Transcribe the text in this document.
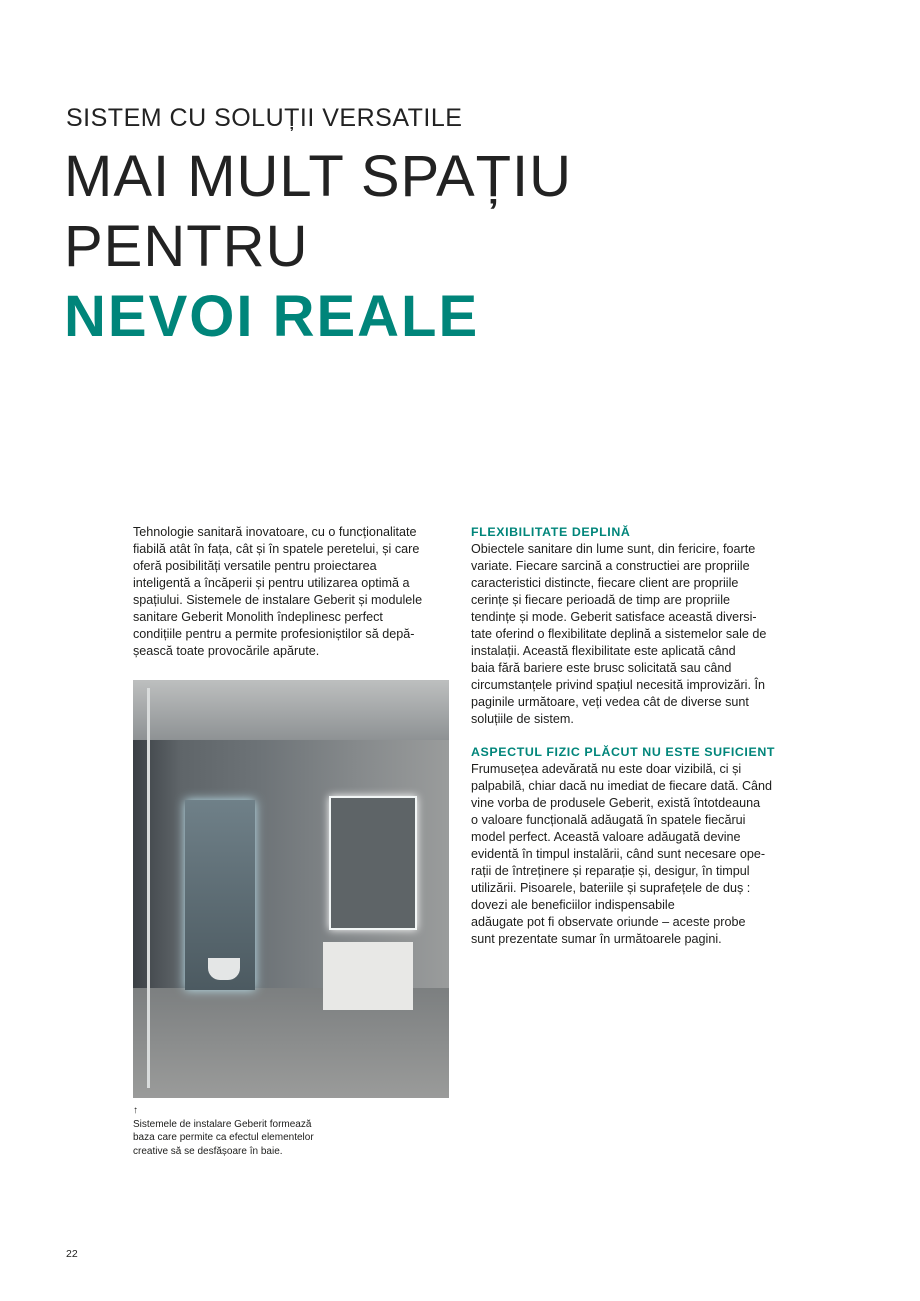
SISTEM CU SOLUȚII VERSATILE
MAI MULT SPAȚIU
PENTRU
NEVOI REALE
Tehnologie sanitară inovatoare, cu o funcționalitate
fiabilă atât în fața, cât și în spatele peretelui, și care
oferă posibilități versatile pentru proiectarea
inteligentă a încăperii și pentru utilizarea optimă a
spațiului. Sistemele de instalare Geberit și modulele
sanitare Geberit Monolith îndeplinesc perfect
condițiile pentru a permite profesioniștilor să depă-
șească toate provocările apărute.
↑
Sistemele de instalare Geberit formează
baza care permite ca efectul elementelor
creative să se desfășoare în baie.
FLEXIBILITATE DEPLINĂ
Obiectele sanitare din lume sunt, din fericire, foarte
variate. Fiecare sarcină a constructiei are propriile
caracteristici distincte, fiecare client are propriile
cerințe și fiecare perioadă de timp are propriile
tendințe și mode. Geberit satisface această diversi-
tate oferind o flexibilitate deplină a sistemelor sale de
instalații. Această flexibilitate este aplicată când
baia fără bariere este brusc solicitată sau când
circumstanțele privind spațiul necesită improvizări. În
paginile următoare, veți vedea cât de diverse sunt
soluțiile de sistem.
ASPECTUL FIZIC PLĂCUT NU ESTE SUFICIENT
Frumusețea adevărată nu este doar vizibilă, ci și
palpabilă, chiar dacă nu imediat de fiecare dată. Când
vine vorba de produsele Geberit, există întotdeauna
o valoare funcțională adăugată în spatele fiecărui
model perfect. Această valoare adăugată devine
evidentă în timpul instalării, când sunt necesare ope-
rații de întreținere și reparație și, desigur, în timpul
utilizării. Pisoarele, bateriile și suprafețele de duș :
dovezi ale beneficiilor indispensabile
adăugate pot fi observate oriunde – aceste probe
sunt prezentate sumar în următoarele pagini.
22
